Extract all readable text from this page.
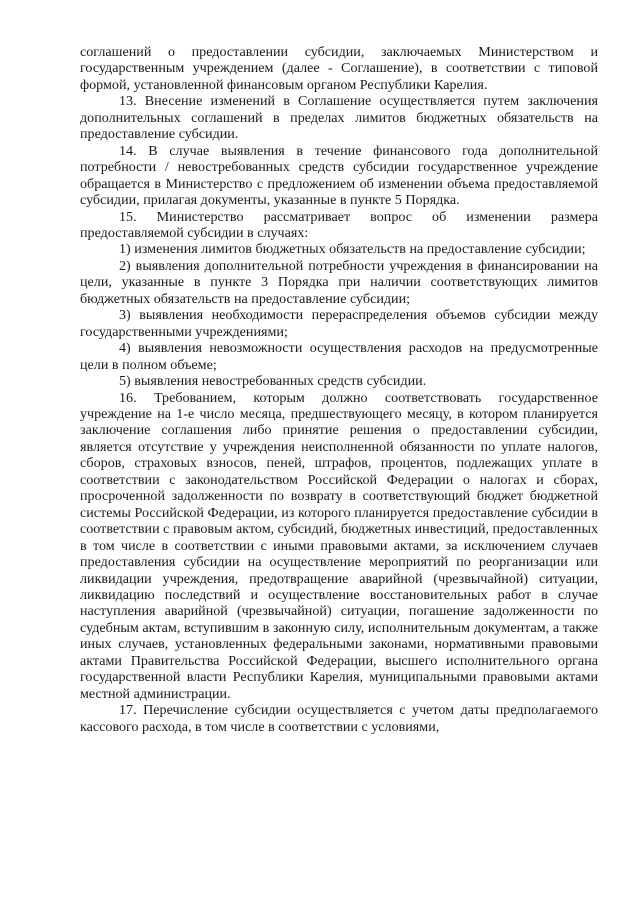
соглашений о предоставлении субсидии, заключаемых Министерством и государственным учреждением (далее - Соглашение), в соответствии с типовой формой, установленной финансовым органом Республики Карелия.

13. Внесение изменений в Соглашение осуществляется путем заключения дополнительных соглашений в пределах лимитов бюджетных обязательств на предоставление субсидии.

14. В случае выявления в течение финансового года дополнительной потребности / невостребованных средств субсидии государственное учреждение обращается в Министерство с предложением об изменении объема предоставляемой субсидии, прилагая документы, указанные в пункте 5 Порядка.

15. Министерство рассматривает вопрос об изменении размера предоставляемой субсидии в случаях:

1) изменения лимитов бюджетных обязательств на предоставление субсидии;

2) выявления дополнительной потребности учреждения в финансировании на цели, указанные в пункте 3 Порядка при наличии соответствующих лимитов бюджетных обязательств на предоставление субсидии;

3) выявления необходимости перераспределения объемов субсидии между государственными учреждениями;

4) выявления невозможности осуществления расходов на предусмотренные цели в полном объеме;

5) выявления невостребованных средств субсидии.

16. Требованием, которым должно соответствовать государственное учреждение на 1-е число месяца, предшествующего месяцу, в котором планируется заключение соглашения либо принятие решения о предоставлении субсидии, является отсутствие у учреждения неисполненной обязанности по уплате налогов, сборов, страховых взносов, пеней, штрафов, процентов, подлежащих уплате в соответствии с законодательством Российской Федерации о налогах и сборах, просроченной задолженности по возврату в соответствующий бюджет бюджетной системы Российской Федерации, из которого планируется предоставление субсидии в соответствии с правовым актом, субсидий, бюджетных инвестиций, предоставленных в том числе в соответствии с иными правовыми актами, за исключением случаев предоставления субсидии на осуществление мероприятий по реорганизации или ликвидации учреждения, предотвращение аварийной (чрезвычайной) ситуации, ликвидацию последствий и осуществление восстановительных работ в случае наступления аварийной (чрезвычайной) ситуации, погашение задолженности по судебным актам, вступившим в законную силу, исполнительным документам, а также иных случаев, установленных федеральными законами, нормативными правовыми актами Правительства Российской Федерации, высшего исполнительного органа государственной власти Республики Карелия, муниципальными правовыми актами местной администрации.

17. Перечисление субсидии осуществляется с учетом даты предполагаемого кассового расхода, в том числе в соответствии с условиями,
